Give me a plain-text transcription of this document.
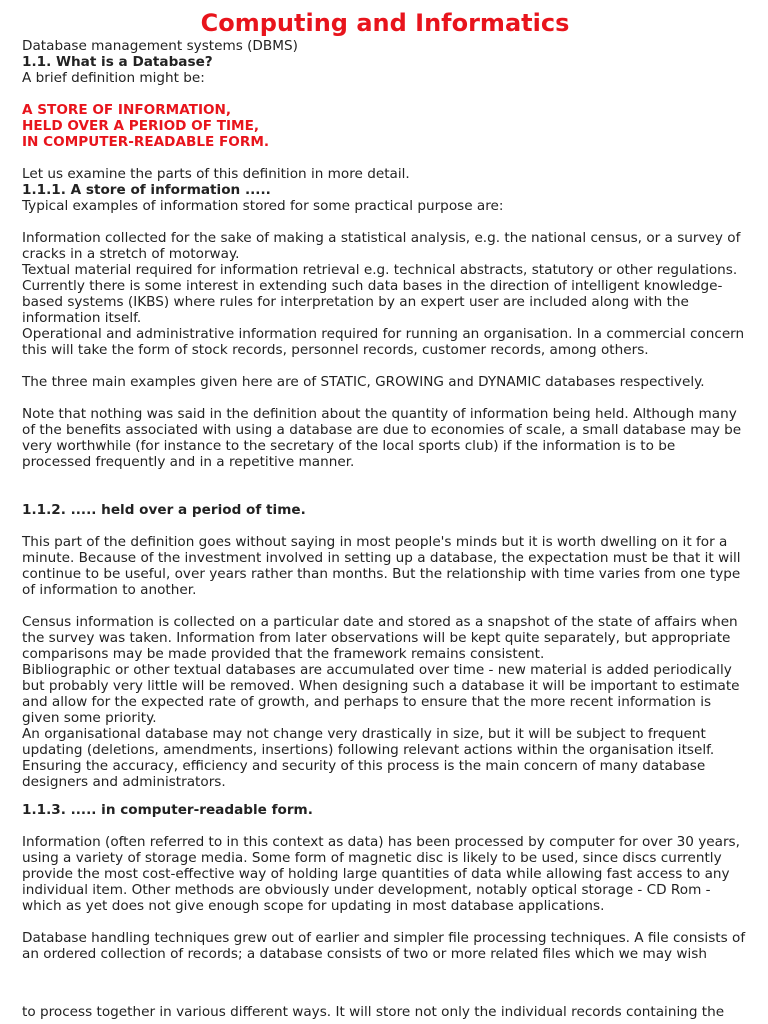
Computing and Informatics

Database management systems (DBMS)

1.1. What is a Database?

A brief definition might be:

A STORE OF INFORMATION,

HELD OVER A PERIOD OF TIME,

IN COMPUTER-READABLE FORM.

Let us examine the parts of this definition in more detail.

1.1.1. A store of information .....

Typical examples of information stored for some practical purpose are:

Information collected for the sake of making a statistical analysis, e.g. the national census, or a survey of cracks in a stretch of motorway.

Textual material required for information retrieval e.g. technical abstracts, statutory or other regulations. Currently there is some interest in extending such data bases in the direction of intelligent knowledge-based systems (IKBS) where rules for interpretation by an expert user are included along with the information itself.

Operational and administrative information required for running an organisation. In a commercial concern this will take the form of stock records, personnel records, customer records, among others.

The three main examples given here are of STATIC, GROWING and DYNAMIC databases respectively.

Note that nothing was said in the definition about the quantity of information being held. Although many of the benefits associated with using a database are due to economies of scale, a small database may be very worthwhile (for instance to the secretary of the local sports club) if the information is to be processed frequently and in a repetitive manner.

1.1.2. ..... held over a period of time.

This part of the definition goes without saying in most people's minds but it is worth dwelling on it for a minute. Because of the investment involved in setting up a database, the expectation must be that it will continue to be useful, over years rather than months. But the relationship with time varies from one type of information to another.

Census information is collected on a particular date and stored as a snapshot of the state of affairs when the survey was taken. Information from later observations will be kept quite separately, but appropriate comparisons may be made provided that the framework remains consistent.

Bibliographic or other textual databases are accumulated over time - new material is added periodically but probably very little will be removed. When designing such a database it will be important to estimate and allow for the expected rate of growth, and perhaps to ensure that the more recent information is given some priority.

An organisational database may not change very drastically in size, but it will be subject to frequent updating (deletions, amendments, insertions) following relevant actions within the organisation itself. Ensuring the accuracy, efficiency and security of this process is the main concern of many database designers and administrators.

1.1.3. ..... in computer-readable form.

Information (often referred to in this context as data) has been processed by computer for over 30 years, using a variety of storage media. Some form of magnetic disc is likely to be used, since discs currently provide the most cost-effective way of holding large quantities of data while allowing fast access to any individual item. Other methods are obviously under development, notably optical storage - CD Rom - which as yet does not give enough scope for updating in most database applications.

Database handling techniques grew out of earlier and simpler file processing techniques. A file consists of an ordered collection of records; a database consists of two or more related files which we may wish

to process together in various different ways. It will store not only the individual records containing the
